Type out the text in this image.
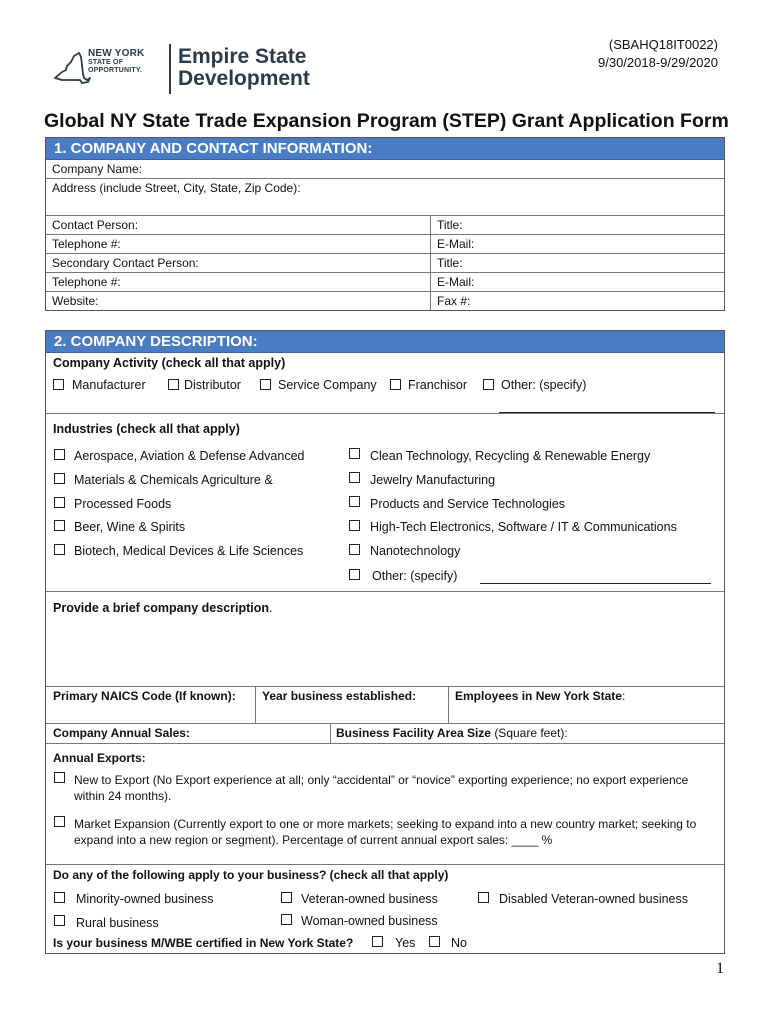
NEW YORK
STATE OF
OPPORTUNITY.
Empire State
Development
(SBAHQ18IT0022)
9/30/2018-9/29/2020
Global NY State Trade Expansion Program (STEP) Grant Application Form
1. COMPANY AND CONTACT INFORMATION:
Company Name:
Address (include Street, City, State, Zip Code):
Contact Person:	Title:
Telephone #:	E-Mail:
Secondary Contact Person:	Title:
Telephone #:	E-Mail:
Website:	Fax #:
2. COMPANY DESCRIPTION:
Company Activity (check all that apply)
Manufacturer	Distributor	Service Company	Franchisor	Other: (specify)
Industries (check all that apply)
Aerospace, Aviation & Defense Advanced
Materials & Chemicals Agriculture &
Processed Foods
Beer, Wine & Spirits
Biotech, Medical Devices & Life Sciences
Clean Technology, Recycling & Renewable Energy
Jewelry Manufacturing
Products and Service Technologies
High-Tech Electronics, Software / IT & Communications
Nanotechnology
Other: (specify)
Provide a brief company description.
Primary NAICS Code (If known): Year business established:	Employees in New York State:
Company Annual Sales:	Business Facility Area Size (Square feet):
Annual Exports:
New to Export (No Export experience at all; only “accidental” or “novice” exporting experience; no export experience
within 24 months).
Market Expansion (Currently export to one or more markets; seeking to expand into a new country market; seeking to
expand into a new region or segment). Percentage of current annual export sales: ____ %
Do any of the following apply to your business? (check all that apply)
Minority-owned business	Veteran-owned business	Disabled Veteran-owned business
Rural business	Woman-owned business
Is your business M/WBE certified in New York State?	Yes	No
1
